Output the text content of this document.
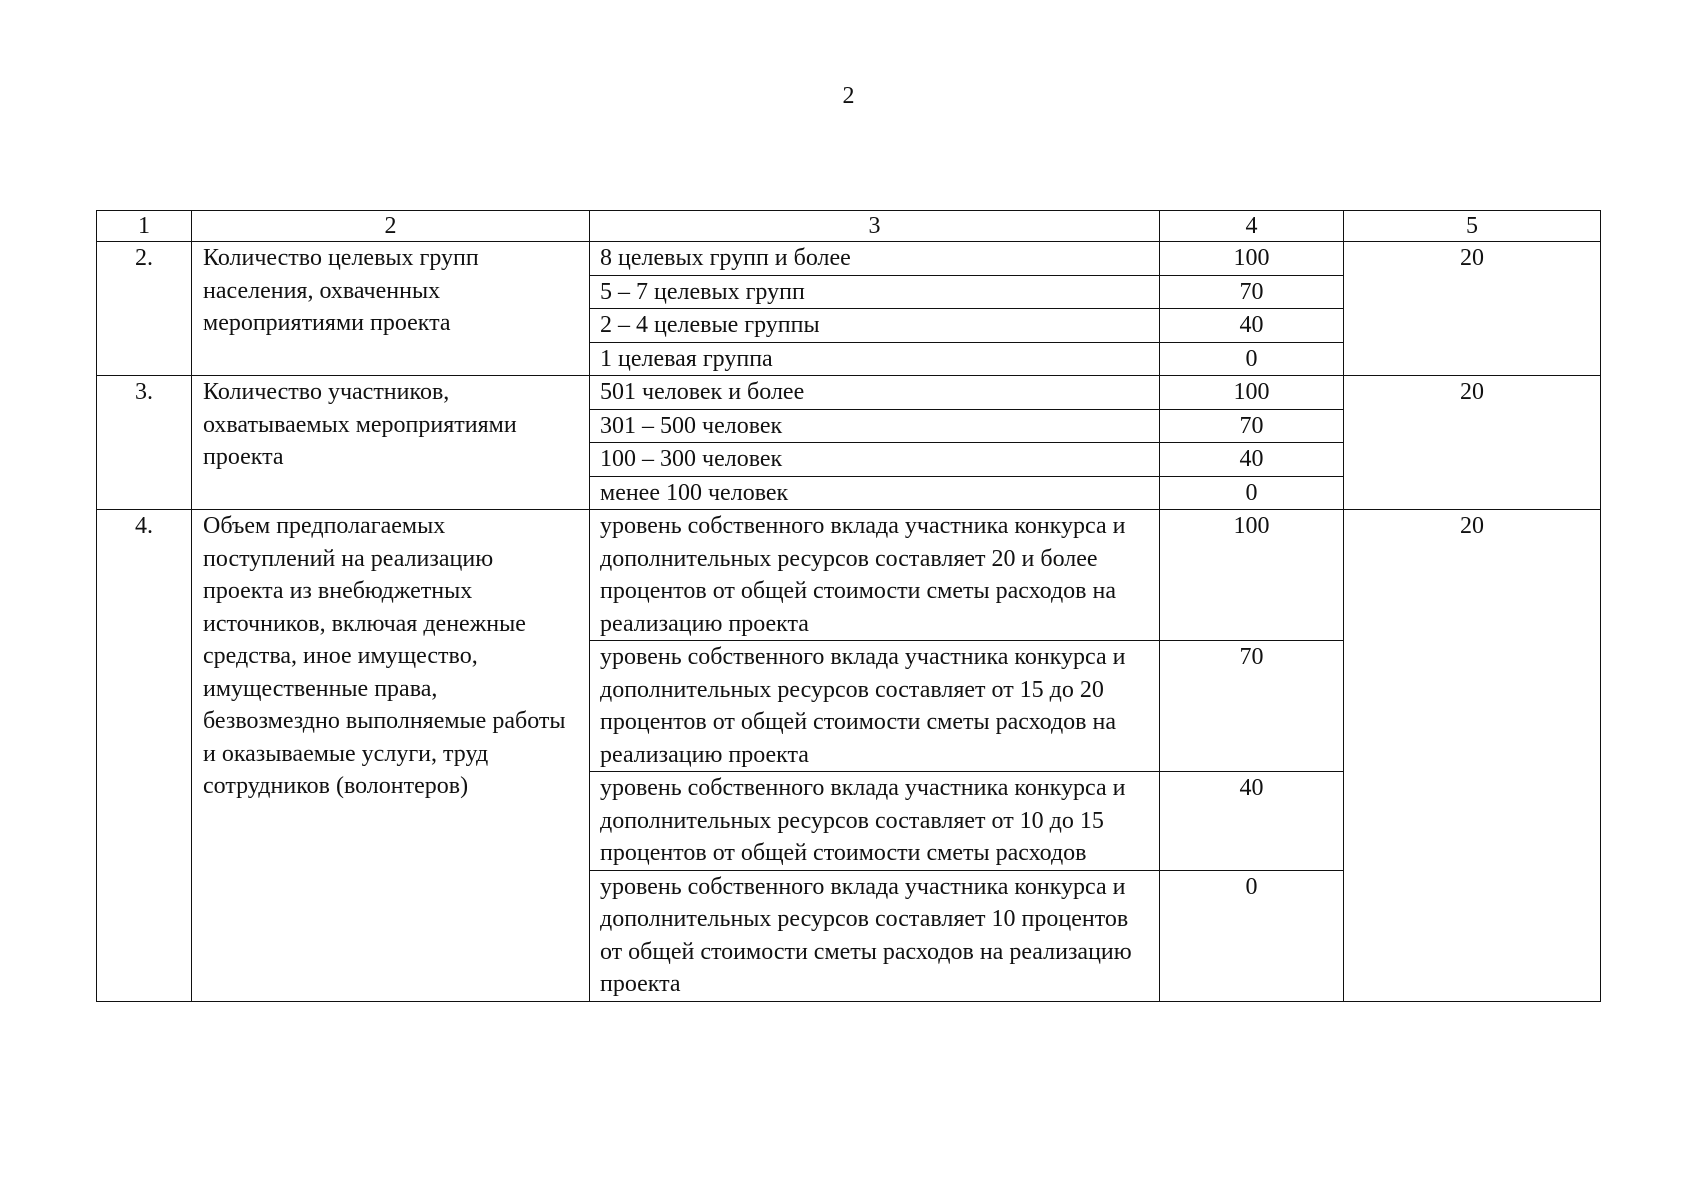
2
1	2	3	4	5
2.	Количество целевых групп населения, охваченных мероприятиями проекта	8 целевых групп и более	100	20
		5 – 7 целевых групп	70	
		2 – 4 целевые группы	40	
		1 целевая группа	0	
3.	Количество участников, охватываемых мероприятиями проекта	501 человек и более	100	20
		301 – 500 человек	70	
		100 – 300 человек	40	
		менее 100 человек	0	
4.	Объем предполагаемых поступлений на реализацию проекта из внебюджетных источников, включая денежные средства, иное имущество, имущественные права, безвозмездно выполняемые работы и оказываемые услуги, труд сотрудников (волонтеров)	уровень собственного вклада участника конкурса и дополнительных ресурсов составляет 20 и более процентов от общей стоимости сметы расходов на реализацию проекта	100	20
		уровень собственного вклада участника конкурса и дополнительных ресурсов составляет от 15 до 20 процентов от общей стоимости сметы расходов на реализацию проекта	70	
		уровень собственного вклада участника конкурса и дополнительных ресурсов составляет от 10 до 15 процентов от общей стоимости сметы расходов	40	
		уровень собственного вклада участника конкурса и дополнительных ресурсов составляет 10 процентов от общей стоимости сметы расходов на реализацию проекта	0	
